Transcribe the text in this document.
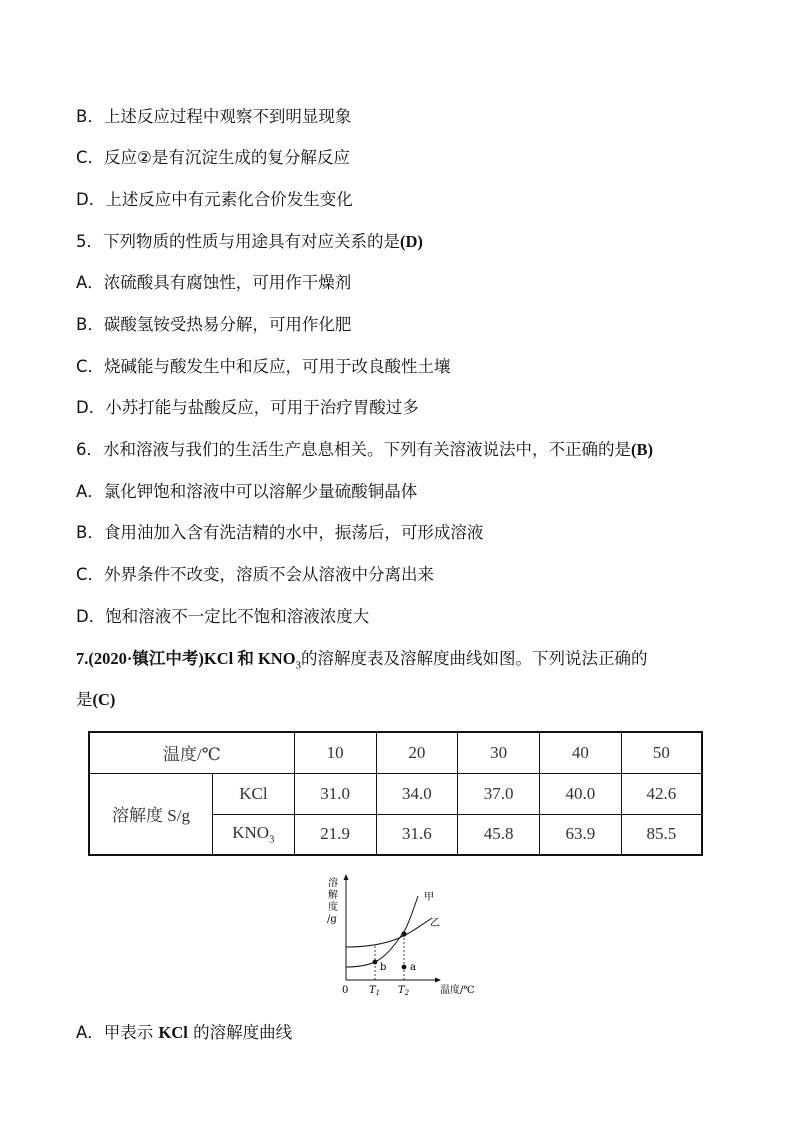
B．上述反应过程中观察不到明显现象
C．反应②是有沉淀生成的复分解反应
D．上述反应中有元素化合价发生变化
5．下列物质的性质与用途具有对应关系的是(D)
A．浓硫酸具有腐蚀性，可用作干燥剂
B．碳酸氢铵受热易分解，可用作化肥
C．烧碱能与酸发生中和反应，可用于改良酸性土壤
D．小苏打能与盐酸反应，可用于治疗胃酸过多
6．水和溶液与我们的生活生产息息相关。下列有关溶液说法中，不正确的是(B)
A．氯化钾饱和溶液中可以溶解少量硫酸铜晶体
B．食用油加入含有洗洁精的水中，振荡后，可形成溶液
C．外界条件不改变，溶质不会从溶液中分离出来
D．饱和溶液不一定比不饱和溶液浓度大
7.(2020·镇江中考)KCl 和 $KNO_3$的溶解度表及溶解度曲线如图。下列说法正确的
是(C)
温度/℃		10	20	30	40	50
溶解度 S/g	KCl	31.0	34.0	37.0	40.0	42.6
	$KNO_3$	21.9	31.6	45.8	63.9	85.5
溶
解
度
/g
b a
甲
乙
0 $T_1$ $T_2$	温度/℃
A．甲表示 KCl 的溶解度曲线
